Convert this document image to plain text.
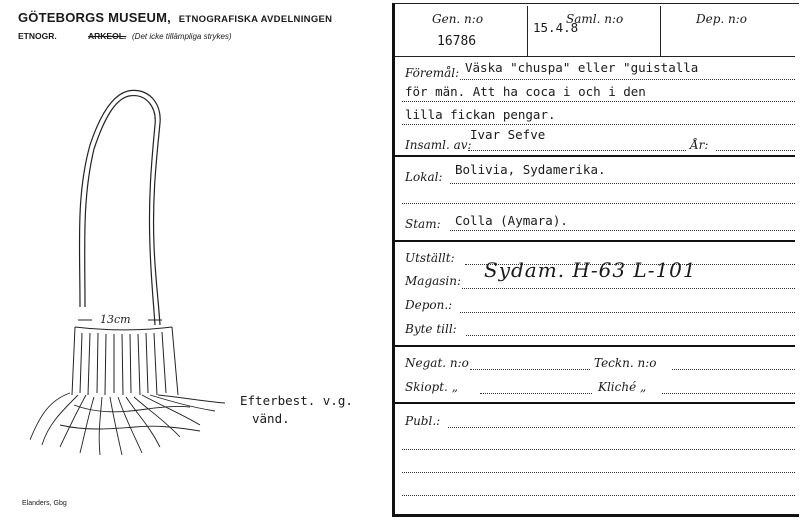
GÖTEBORGS MUSEUM, ETNOGRAFISKA AVDELNINGEN
ETNOGR.	ARKEOL. (Det icke tillämpliga strykes)
13cm
Efterbest. v.g.
vänd.
Elanders, Gbg
Gen. n:o
16786
Saml. n:o
15.4.8
Dep. n:o
Föremål: Väska "chuspa" eller "guistalla
för män. Att ha coca i och i den
lilla fickan pengar.
Insaml. av:
Ivar Sefve
År:
Lokal: Bolivia, Sydamerika.
Stam: Colla (Aymara).
Utställt:
Magasin: Sydam. H-63 L-101
Depon.:
Byte till:
Negat. n:o	Teckn. n:o
Skiopt. „	Kliché „
Publ.:
